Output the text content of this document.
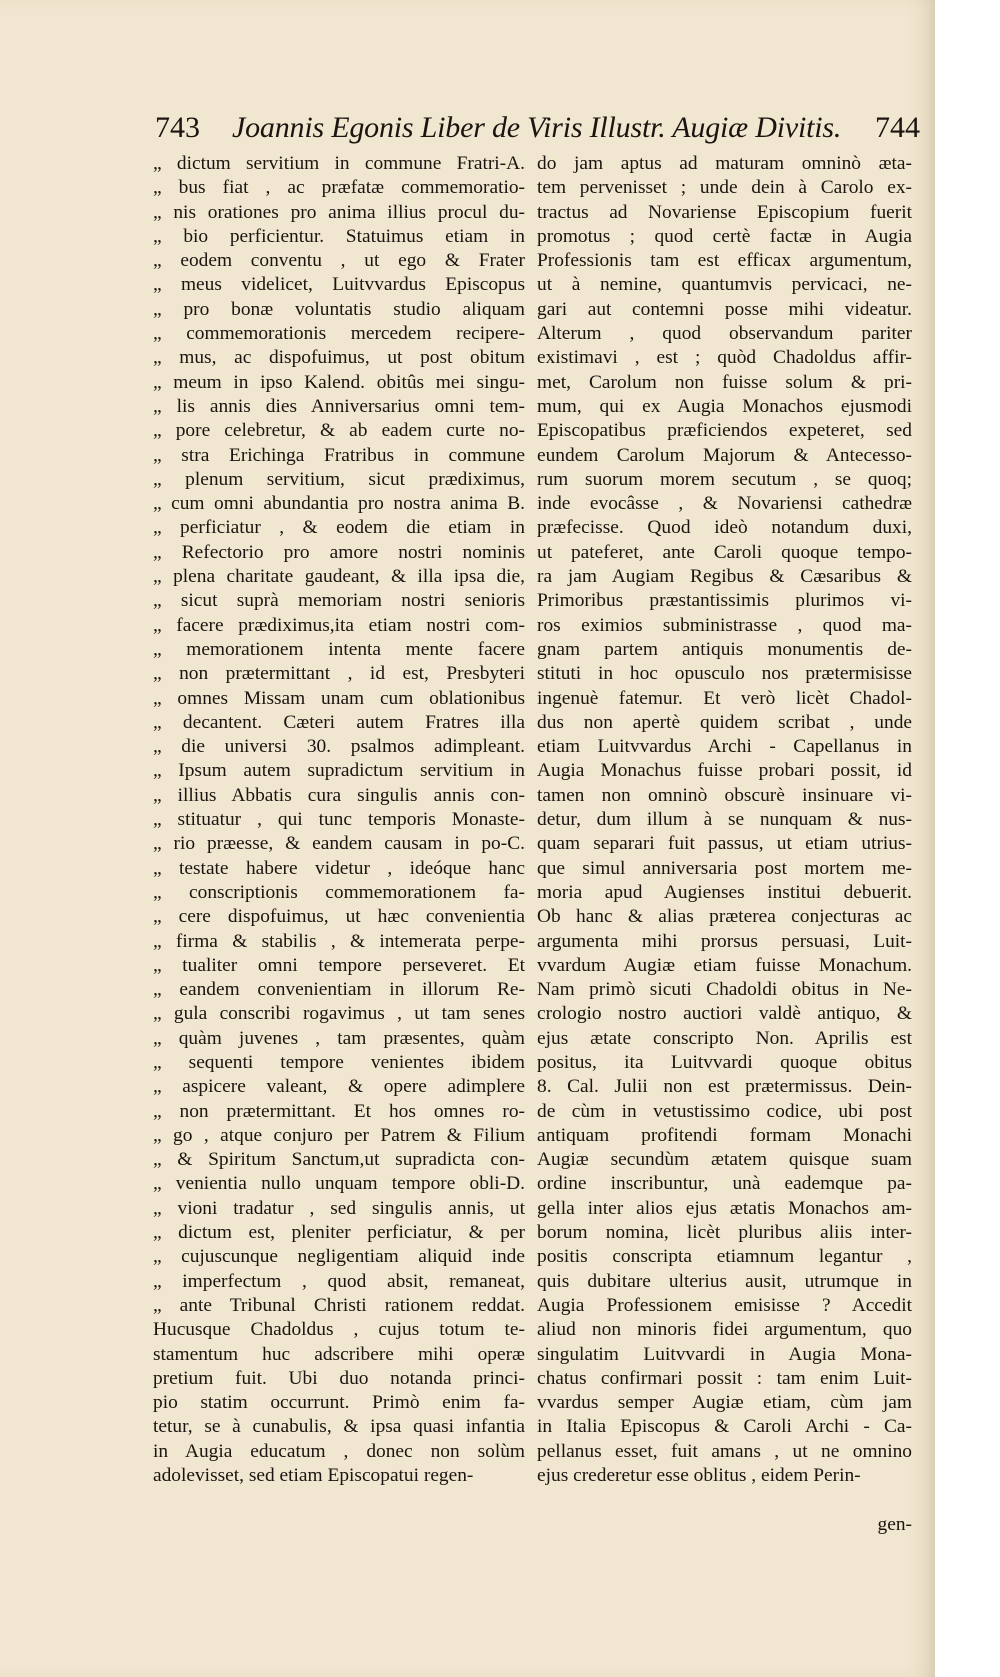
743 Joannis Egonis Liber de Viris Illustr. Augiæ Divitis. 744
„ dictum servitium in commune Fratri-A.
„ bus fiat , ac præfatæ commemoratio-
„ nis orationes pro anima illius procul du-
„ bio perficientur. Statuimus etiam in
„ eodem conventu , ut ego & Frater
„ meus videlicet, Luitvvardus Episcopus
„ pro bonæ voluntatis studio aliquam
„ commemorationis mercedem recipere-
„ mus, ac dispofuimus, ut post obitum
„ meum in ipso Kalend. obitûs mei singu-
„ lis annis dies Anniversarius omni tem-
„ pore celebretur, & ab eadem curte no-
„ stra Erichinga Fratribus in commune
„ plenum servitium, sicut prædiximus,
„ cum omni abundantia pro nostra anima B.
„ perficiatur , & eodem die etiam in
„ Refectorio pro amore nostri nominis
„ plena charitate gaudeant, & illa ipsa die,
„ sicut suprà memoriam nostri senioris
„ facere prædiximus,ita etiam nostri com-
„ memorationem intenta mente facere
„ non prætermittant , id est, Presbyteri
„ omnes Missam unam cum oblationibus
„ decantent. Cæteri autem Fratres illa
„ die universi 30. psalmos adimpleant.
„ Ipsum autem supradictum servitium in
„ illius Abbatis cura singulis annis con-
„ stituatur , qui tunc temporis Monaste-
„ rio præesse, & eandem causam in po-C.
„ testate habere videtur , ideóque hanc
„ conscriptionis commemorationem fa-
„ cere dispofuimus, ut hæc convenientia
„ firma & stabilis , & intemerata perpe-
„ tualiter omni tempore perseveret. Et
„ eandem convenientiam in illorum Re-
„ gula conscribi rogavimus , ut tam senes
„ quàm juvenes , tam præsentes, quàm
„ sequenti tempore venientes ibidem
„ aspicere valeant, & opere adimplere
„ non prætermittant. Et hos omnes ro-
„ go , atque conjuro per Patrem & Filium
„ & Spiritum Sanctum,ut supradicta con-
„ venientia nullo unquam tempore obli-D.
„ vioni tradatur , sed singulis annis, ut
„ dictum est, pleniter perficiatur, & per
„ cujuscunque negligentiam aliquid inde
„ imperfectum , quod absit, remaneat,
„ ante Tribunal Christi rationem reddat.
Hucusque Chadoldus , cujus totum te-
stamentum huc adscribere mihi operæ
pretium fuit. Ubi duo notanda princi-
pio statim occurrunt. Primò enim fa-
tetur, se à cunabulis, & ipsa quasi infantia
in Augia educatum , donec non solùm
adolevisset, sed etiam Episcopatui regen-
do jam aptus ad maturam omninò æta-
tem pervenisset ; unde dein à Carolo ex-
tractus ad Novariense Episcopium fuerit
promotus ; quod certè factæ in Augia
Professionis tam est efficax argumentum,
ut à nemine, quantumvis pervicaci, ne-
gari aut contemni posse mihi videatur.
Alterum , quod observandum pariter
existimavi , est ; quòd Chadoldus affir-
met, Carolum non fuisse solum & pri-
mum, qui ex Augia Monachos ejusmodi
Episcopatibus præficiendos expeteret, sed
eundem Carolum Majorum & Antecesso-
rum suorum morem secutum , se quoq;
inde evocâsse , & Novariensi cathedræ
præfecisse. Quod ideò notandum duxi,
ut pateferet, ante Caroli quoque tempo-
ra jam Augiam Regibus & Cæsaribus &
Primoribus præstantissimis plurimos vi-
ros eximios subministrasse , quod ma-
gnam partem antiquis monumentis de-
stituti in hoc opusculo nos prætermisisse
ingenuè fatemur. Et verò licèt Chadol-
dus non apertè quidem scribat , unde
etiam Luitvvardus Archi - Capellanus in
Augia Monachus fuisse probari possit, id
tamen non omninò obscurè insinuare vi-
detur, dum illum à se nunquam & nus-
quam separari fuit passus, ut etiam utrius-
que simul anniversaria post mortem me-
moria apud Augienses institui debuerit.
Ob hanc & alias præterea conjecturas ac
argumenta mihi prorsus persuasi, Luit-
vvardum Augiæ etiam fuisse Monachum.
Nam primò sicuti Chadoldi obitus in Ne-
crologio nostro auctiori valdè antiquo, &
ejus ætate conscripto Non. Aprilis est
positus, ita Luitvvardi quoque obitus
8. Cal. Julii non est prætermissus. Dein-
de cùm in vetustissimo codice, ubi post
antiquam profitendi formam Monachi
Augiæ secundùm ætatem quisque suam
ordine inscribuntur, unà eademque pa-
gella inter alios ejus ætatis Monachos am-
borum nomina, licèt pluribus aliis inter-
positis conscripta etiamnum legantur ,
quis dubitare ulterius ausit, utrumque in
Augia Professionem emisisse ? Accedit
aliud non minoris fidei argumentum, quo
singulatim Luitvvardi in Augia Mona-
chatus confirmari possit : tam enim Luit-
vvardus semper Augiæ etiam, cùm jam
in Italia Episcopus & Caroli Archi - Ca-
pellanus esset, fuit amans , ut ne omnino
ejus crederetur esse oblitus , eidem Perin-
gen-
